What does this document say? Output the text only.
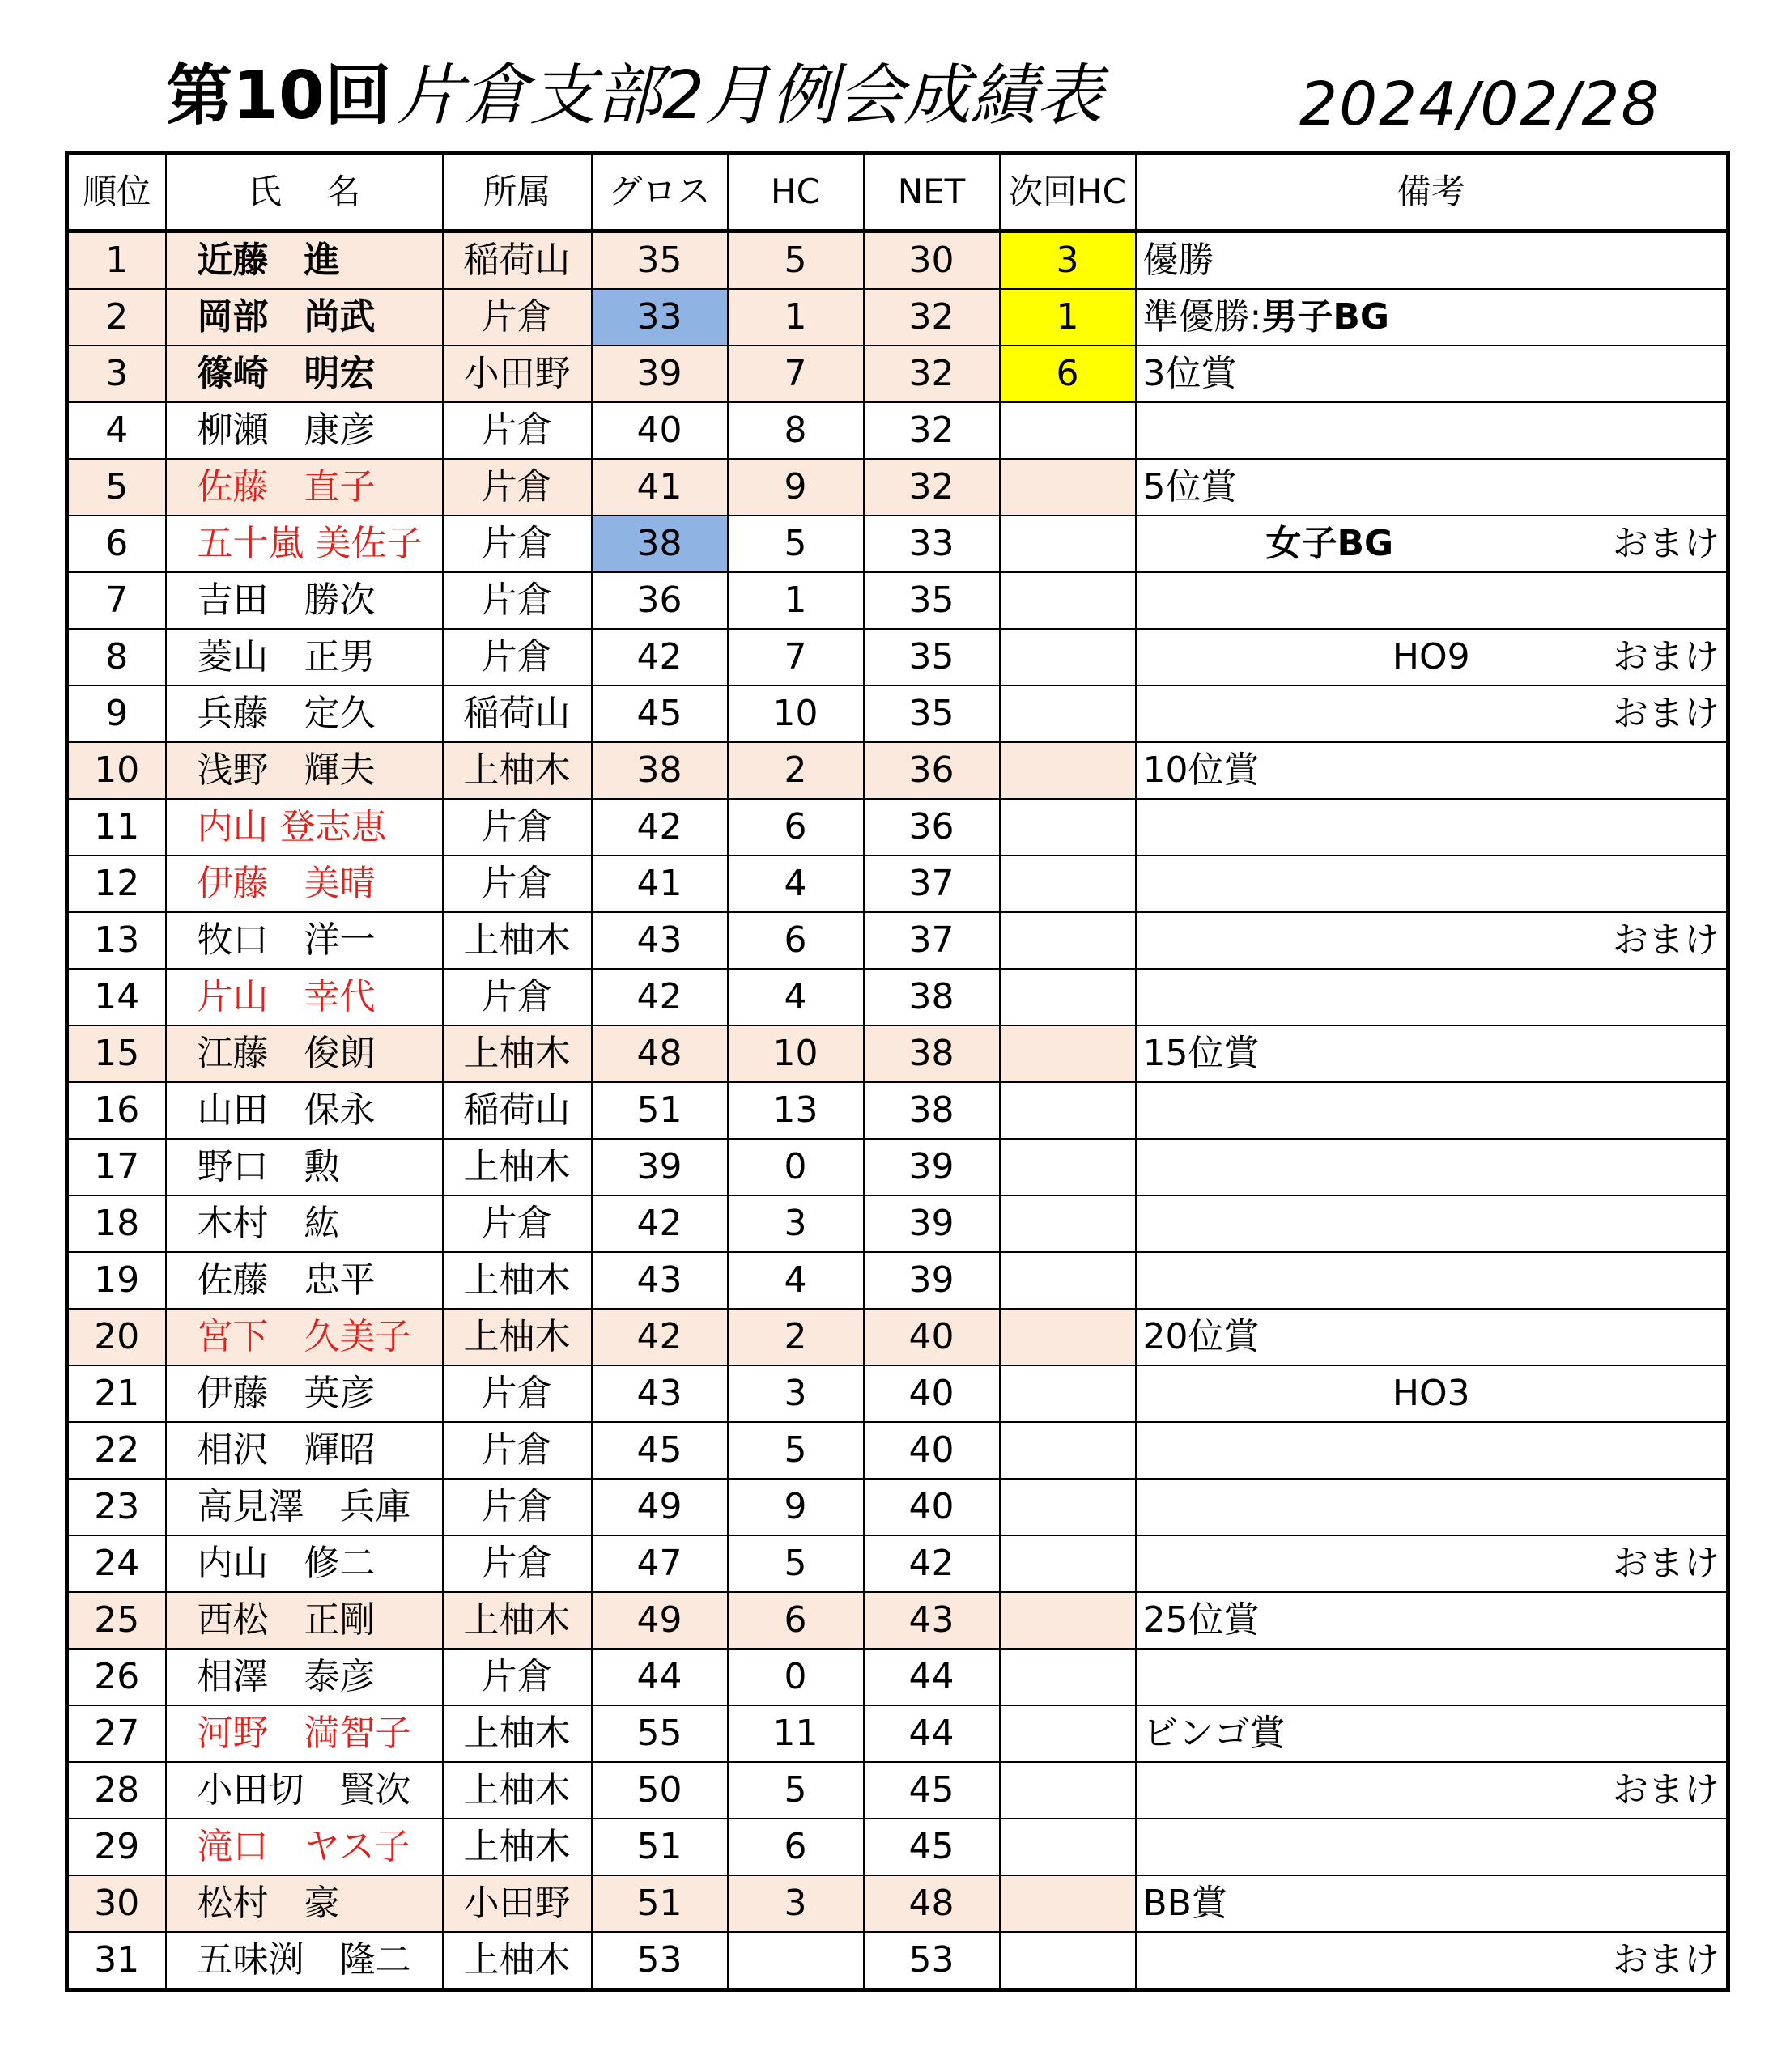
第10回 片倉支部2月例会成績表	2024/02/28
順位	氏　 名	所属	グロス	HC	NET	次回HC	備考
1	近藤　進	稲荷山	35	5	30	3	優勝

2	岡部　尚武	片倉	33	1	32	1	準優勝: 男子BG

3	篠崎　明宏	小田野	39	7	32	6	3位賞

4	柳瀬　康彦	片倉	40	8	32		
5	佐藤　直子	片倉	41	9	32		5位賞

6	五十嵐 美佐子	片倉	38	5	33		女子BG おまけ

7	吉田　勝次	片倉	36	1	35		
8	菱山　正男	片倉	42	7	35		HO9 おまけ

9	兵藤　定久	稲荷山	45	10	35		おまけ

10	浅野　輝夫	上柚木	38	2	36		10位賞

11	内山 登志恵	片倉	42	6	36		
12	伊藤　美晴	片倉	41	4	37		
13	牧口　洋一	上柚木	43	6	37		おまけ

14	片山　幸代	片倉	42	4	38		
15	江藤　俊朗	上柚木	48	10	38		15位賞

16	山田　保永	稲荷山	51	13	38		
17	野口　勲	上柚木	39	0	39		
18	木村　紘	片倉	42	3	39		
19	佐藤　忠平	上柚木	43	4	39		
20	宮下　久美子	上柚木	42	2	40		20位賞

21	伊藤　英彦	片倉	43	3	40		HO3

22	相沢　輝昭	片倉	45	5	40		
23	高見澤　兵庫	片倉	49	9	40		
24	内山　修二	片倉	47	5	42		おまけ

25	西松　正剛	上柚木	49	6	43		25位賞

26	相澤　泰彦	片倉	44	0	44		
27	河野　満智子	上柚木	55	11	44		ビンゴ賞

28	小田切　賢次	上柚木	50	5	45		おまけ

29	滝口　ヤス子	上柚木	51	6	45		
30	松村　豪	小田野	51	3	48		BB賞

31	五味渕　隆二	上柚木	53		53		おまけ
